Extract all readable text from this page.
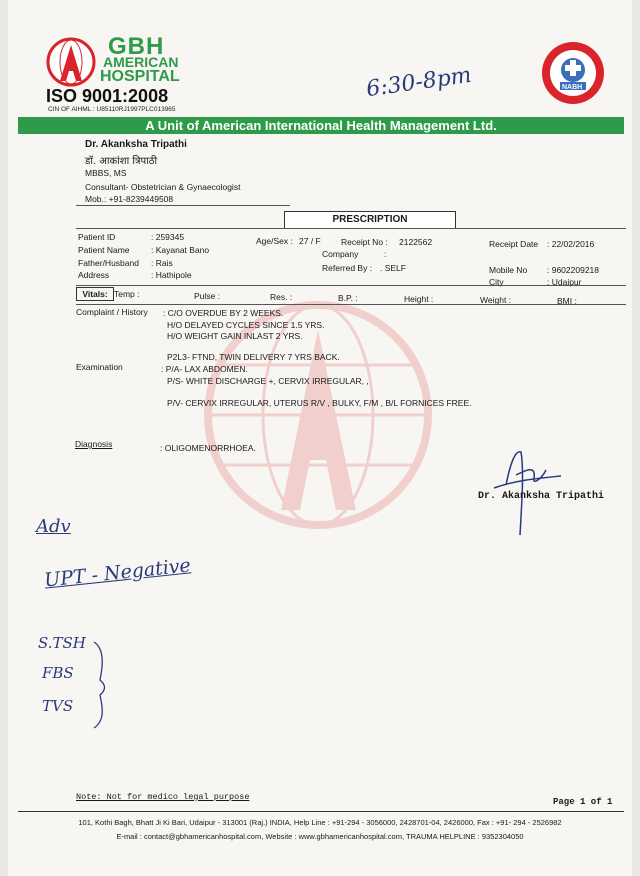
GBH
AMERICAN
HOSPITAL
ISO 9001:2008
CIN OF AIHML : U85110RJ1997PLC013965
NABH
6:30-8pm
A Unit of American International Health Management Ltd.
Dr. Akanksha Tripathi
डॉ. आकांशा त्रिपाठी
MBBS, MS
Consultant- Obstetrician & Gynaecologist
Mob.: +91-8239449508
PRESCRIPTION
Patient ID	: 259345
Patient Name	: Kayanat Bano
Father/Husband : Rais
Address	: Hathipole
Age/Sex : 27 / F Receipt No : 2122562
Company	:
Referred By : . SELF
Receipt Date : 22/02/2016
Mobile No : 9602209218
City	: Udaipur
Vitals: Temp :	Pulse :	Res. :	B.P. :	Height :	Weight :	BMI :
Complaint / History : C/O OVERDUE BY 2 WEEKS.
H/O DELAYED CYCLES SINCE 1.5 YRS.
H/O WEIGHT GAIN INLAST 2 YRS.
P2L3- FTND, TWIN DELIVERY 7 YRS BACK.
Examination	: P/A- LAX ABDOMEN.
P/S- WHITE DISCHARGE +, CERVIX IRREGULAR, ,
P/V- CERVIX IRREGULAR, UTERUS R/V , BULKY, F/M , B/L FORNICES FREE.
Diagnosis	: OLIGOMENORRHOEA.
Dr. Akanksha Tripathi
Adv
UPT - Negative
S.TSH
FBS
TVS
Note: Not for medico legal purpose	Page 1 of 1
101, Kothi Bagh, Bhatt Ji Ki Bari, Udaipur - 313001 (Raj.) INDIA, Help Line : +91-294 - 3056000, 2428701-04, 2426000, Fax : +91- 294 - 2526982
E-mail : contact@gbhamericanhospital.com, Website : www.gbhamericanhospital.com, TRAUMA HELPLINE : 9352304050
